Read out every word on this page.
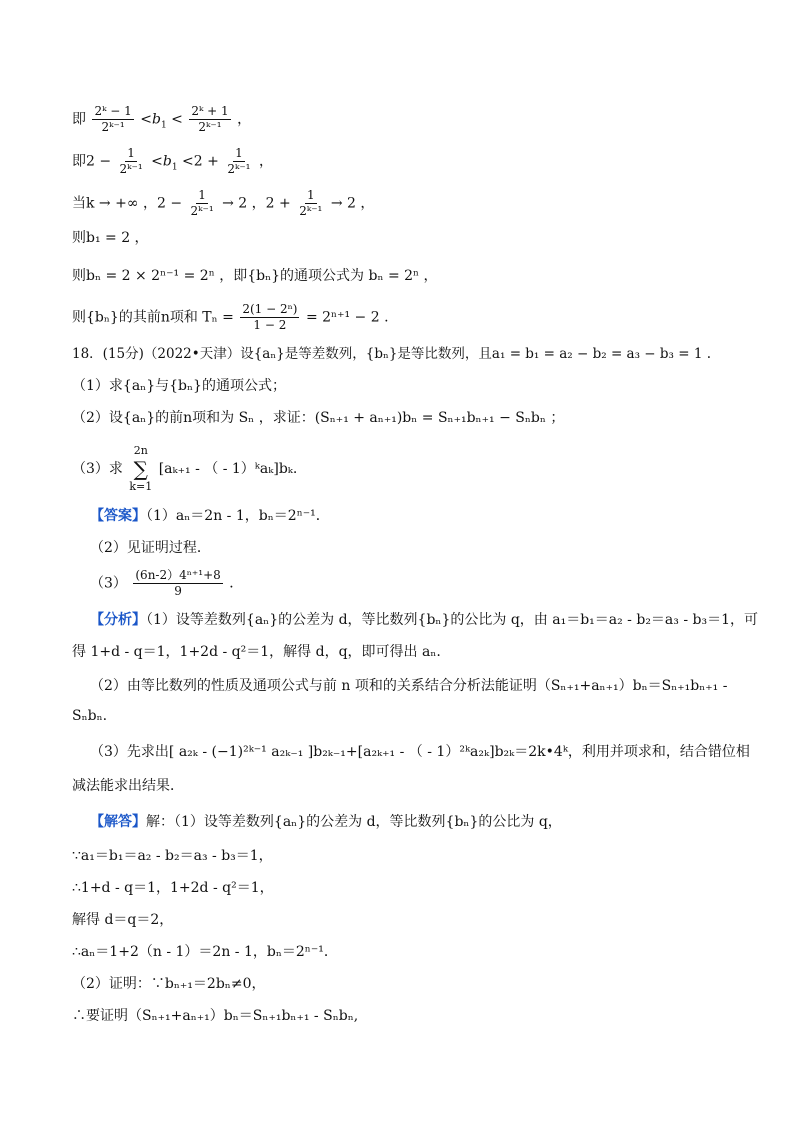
即 $\frac{\text{2ᵏ − 1}}{\text{2ᵏ⁻¹}} <b_1 < \frac{\text{2ᵏ + 1}}{\text{2ᵏ⁻¹}}$ ，
即$2 - \frac{1}{\text{2ᵏ⁻¹}} <b_1 <2 + \frac{1}{\text{2ᵏ⁻¹}}$ ，
当k → +∞ ，$2 - \frac{1}{\text{2ᵏ⁻¹}} \to 2$ ，$2 + \frac{1}{\text{2ᵏ⁻¹}} \to 2$ ，
则b₁ = 2 ，
则bₙ = 2 × 2ⁿ⁻¹ = 2ⁿ ，即{bₙ}的通项公式为 bₙ = 2ⁿ ，
则{bₙ}的其前n项和 $T_n = \frac{\text{2(1 − 2ⁿ)}}{1 - 2} = 2^{n+1} - 2$ .
18．(15分)（2022•天津）设{aₙ}是等差数列，{bₙ}是等比数列，且a₁ = b₁ = a₂ − b₂ = a₃ − b₃ = 1 .
（1）求{aₙ}与{bₙ}的通项公式；
（2）设{aₙ}的前n项和为 Sₙ ，求证：(Sₙ₊₁ + aₙ₊₁)bₙ = Sₙ₊₁bₙ₊₁ − Sₙbₙ ；
（3）求
2n
∑
k=1
[aₖ₊₁ - （ - 1）ᵏaₖ]bₖ.
【答案】（1）aₙ＝2n - 1，bₙ＝2ⁿ⁻¹．
（2）见证明过程．
$(3) \frac{\text{(6n-2）4ⁿ⁺¹+8}}{9}$ ．
【分析】（1）设等差数列{aₙ}的公差为 d，等比数列{bₙ}的公比为 q，由 a₁＝b₁＝a₂ - b₂＝a₃ - b₃＝1，可
得 1+d - q＝1，1+2d - q²＝1，解得 d，q，即可得出 aₙ.
（2）由等比数列的性质及通项公式与前 n 项和的关系结合分析法能证明（Sₙ₊₁+aₙ₊₁）bₙ＝Sₙ₊₁bₙ₊₁ -
Sₙbₙ.
（3）先求出[ a₂ₖ - (−1)²ᵏ⁻¹ a₂ₖ₋₁ ]b₂ₖ₋₁+[a₂ₖ₊₁ - （ - 1）²ᵏa₂ₖ]b₂ₖ＝2k•4ᵏ，利用并项求和，结合错位相
减法能求出结果．
【解答】解：（1）设等差数列{aₙ}的公差为 d，等比数列{bₙ}的公比为 q，
∵a₁＝b₁＝a₂ - b₂＝a₃ - b₃＝1，
∴1+d - q＝1，1+2d - q²＝1，
解得 d＝q＝2，
∴aₙ＝1+2（n - 1）＝2n - 1，bₙ＝2ⁿ⁻¹．
（2）证明：∵bₙ₊₁＝2bₙ≠0，
∴要证明（Sₙ₊₁+aₙ₊₁）bₙ＝Sₙ₊₁bₙ₊₁ - Sₙbₙ,
